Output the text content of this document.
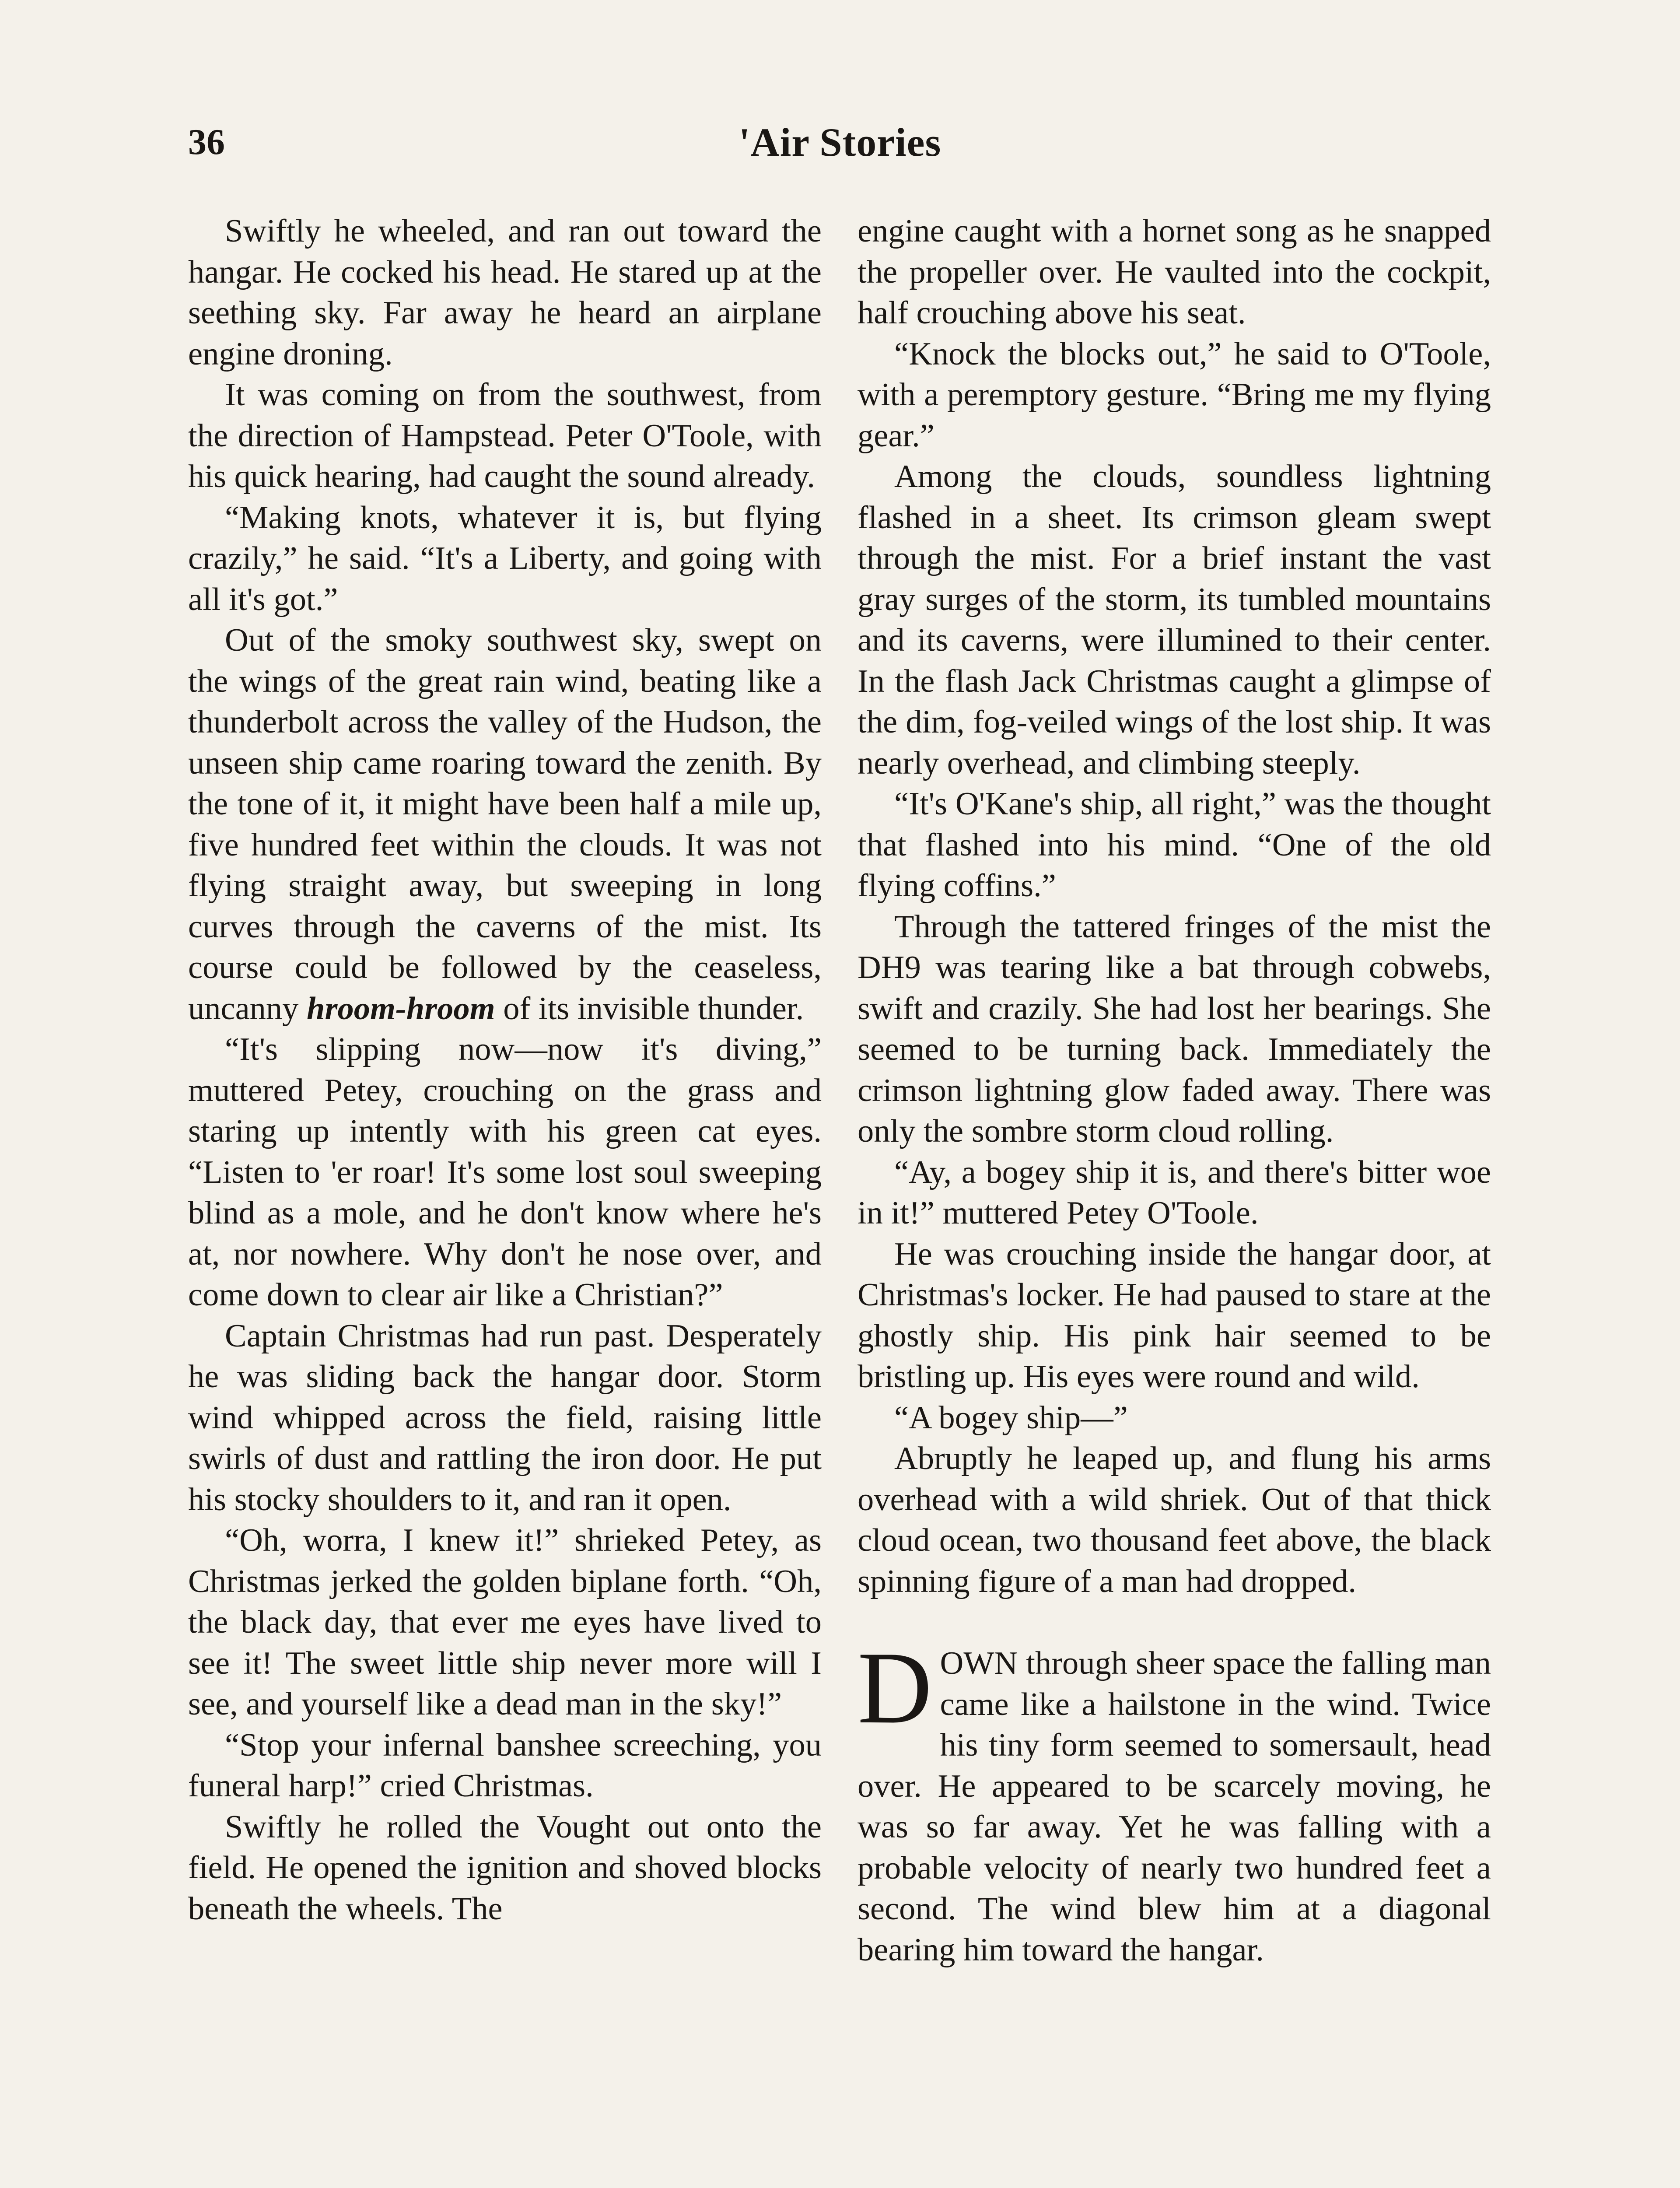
36	'Air Stories

Swiftly he wheeled, and ran out toward the hangar. He cocked his head. He stared up at the seething sky. Far away he heard an airplane engine droning.

It was coming on from the southwest, from the direction of Hampstead. Peter O'Toole, with his quick hearing, had caught the sound already.

“Making knots, whatever it is, but flying crazily,” he said. “It's a Liberty, and going with all it's got.”

Out of the smoky southwest sky, swept on the wings of the great rain wind, beating like a thunderbolt across the valley of the Hudson, the unseen ship came roaring toward the zenith. By the tone of it, it might have been half a mile up, five hundred feet within the clouds. It was not flying straight away, but sweeping in long curves through the caverns of the mist. Its course could be followed by the ceaseless, uncanny hroom-hroom of its invisible thunder.

“It's slipping now—now it's diving,” muttered Petey, crouching on the grass and staring up intently with his green cat eyes. “Listen to 'er roar! It's some lost soul sweeping blind as a mole, and he don't know where he's at, nor nowhere. Why don't he nose over, and come down to clear air like a Christian?”

Captain Christmas had run past. Desperately he was sliding back the hangar door. Storm wind whipped across the field, raising little swirls of dust and rattling the iron door. He put his stocky shoulders to it, and ran it open.

“Oh, worra, I knew it!” shrieked Petey, as Christmas jerked the golden biplane forth. “Oh, the black day, that ever me eyes have lived to see it! The sweet little ship never more will I see, and yourself like a dead man in the sky!”

“Stop your infernal banshee screeching, you funeral harp!” cried Christmas.

Swiftly he rolled the Vought out onto the field. He opened the ignition and shoved blocks beneath the wheels. The

engine caught with a hornet song as he snapped the propeller over. He vaulted into the cockpit, half crouching above his seat.

“Knock the blocks out,” he said to O'Toole, with a peremptory gesture. “Bring me my flying gear.”

Among the clouds, soundless lightning flashed in a sheet. Its crimson gleam swept through the mist. For a brief instant the vast gray surges of the storm, its tumbled mountains and its caverns, were illumined to their center. In the flash Jack Christmas caught a glimpse of the dim, fog-veiled wings of the lost ship. It was nearly overhead, and climbing steeply.

“It's O'Kane's ship, all right,” was the thought that flashed into his mind. “One of the old flying coffins.”

Through the tattered fringes of the mist the DH9 was tearing like a bat through cobwebs, swift and crazily. She had lost her bearings. She seemed to be turning back. Immediately the crimson lightning glow faded away. There was only the sombre storm cloud rolling.

“Ay, a bogey ship it is, and there's bitter woe in it!” muttered Petey O'Toole.

He was crouching inside the hangar door, at Christmas's locker. He had paused to stare at the ghostly ship. His pink hair seemed to be bristling up. His eyes were round and wild.

“A bogey ship—”

Abruptly he leaped up, and flung his arms overhead with a wild shriek. Out of that thick cloud ocean, two thousand feet above, the black spinning figure of a man had dropped.

DOWN through sheer space the falling man came like a hailstone in the wind. Twice his tiny form seemed to somersault, head over. He appeared to be scarcely moving, he was so far away. Yet he was falling with a probable velocity of nearly two hundred feet a second. The wind blew him at a diagonal bearing him toward the hangar.
